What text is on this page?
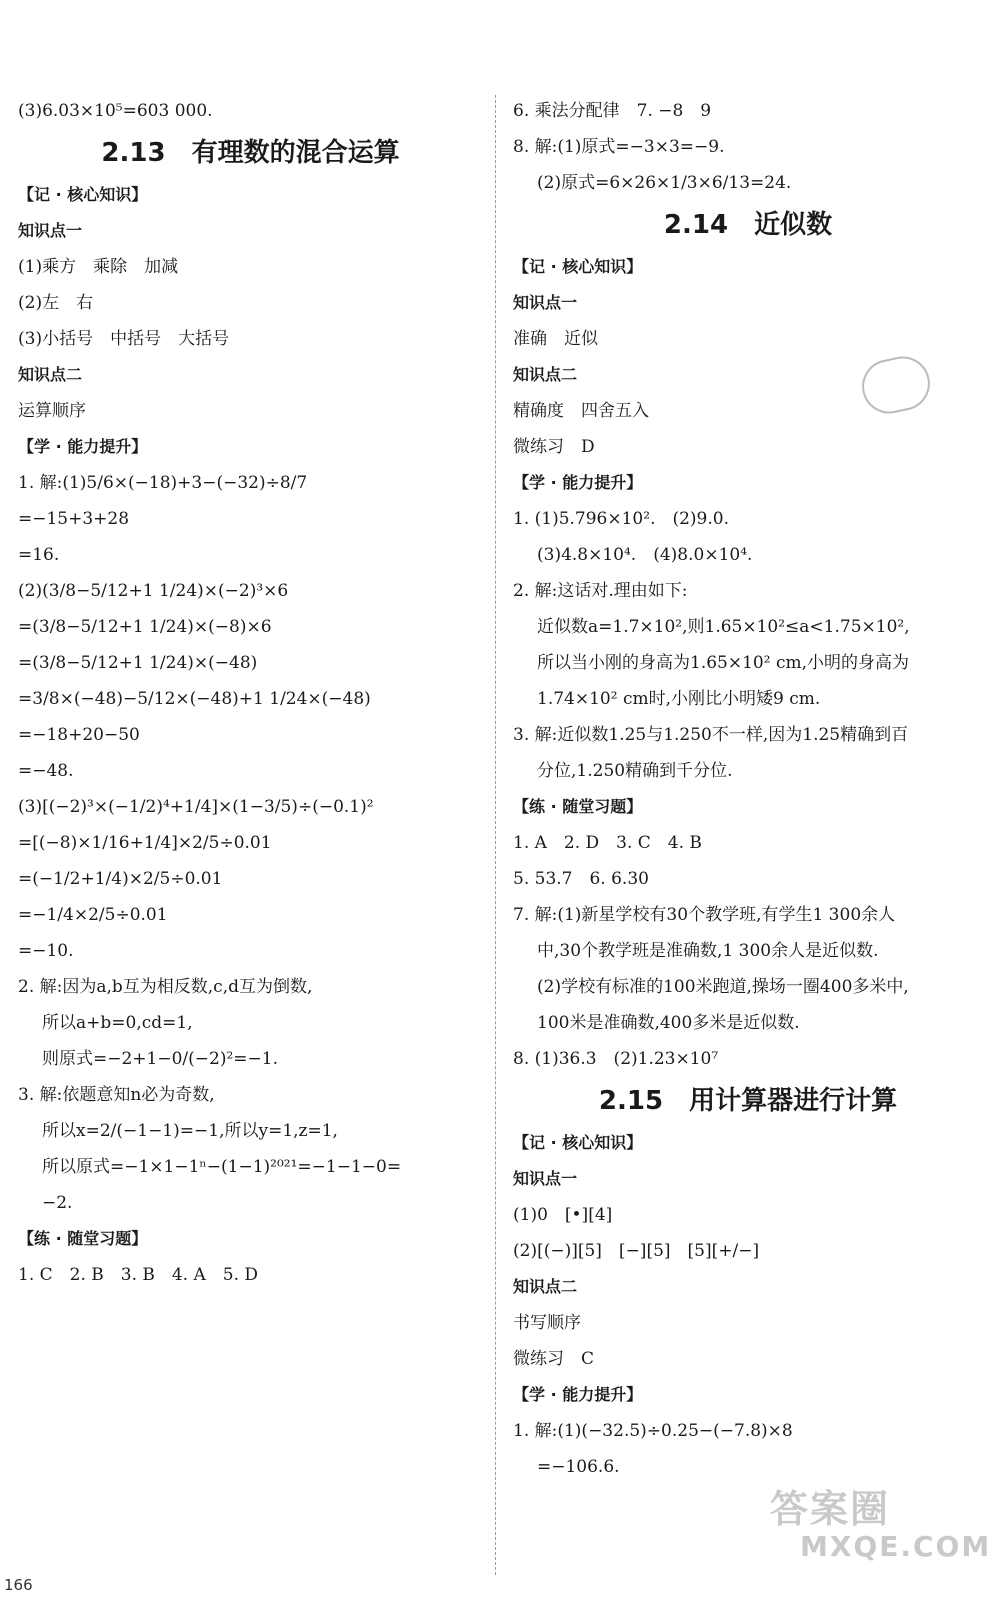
(3)6.03×10⁵=603 000.
2.13　有理数的混合运算
【记 · 核心知识】
知识点一
(1)乘方　乘除　加减
(2)左　右
(3)小括号　中括号　大括号
知识点二
运算顺序
【学 · 能力提升】
1. 解:(1)5/6×(−18)+3−(−32)÷8/7
=−15+3+28
=16.
(2)(3/8−5/12+1 1/24)×(−2)³×6
=(3/8−5/12+1 1/24)×(−8)×6
=(3/8−5/12+1 1/24)×(−48)
=3/8×(−48)−5/12×(−48)+1 1/24×(−48)
=−18+20−50
=−48.
(3)[(−2)³×(−1/2)⁴+1/4]×(1−3/5)÷(−0.1)²
=[(−8)×1/16+1/4]×2/5÷0.01
=(−1/2+1/4)×2/5÷0.01
=−1/4×2/5÷0.01
=−10.
2. 解:因为a,b互为相反数,c,d互为倒数,
所以a+b=0,cd=1,
则原式=−2+1−0/(−2)²=−1.
3. 解:依题意知n必为奇数,
所以x=2/(−1−1)=−1,所以y=1,z=1,
所以原式=−1×1−1ⁿ−(1−1)²⁰²¹=−1−1−0=
−2.
【练 · 随堂习题】
1. C　2. B　3. B　4. A　5. D
6. 乘法分配律　7. −8　9
8. 解:(1)原式=−3×3=−9.
(2)原式=6×26×1/3×6/13=24.
2.14　近似数
【记 · 核心知识】
知识点一
准确　近似
知识点二
精确度　四舍五入
微练习　D
【学 · 能力提升】
1. (1)5.796×10².　(2)9.0.
(3)4.8×10⁴.　(4)8.0×10⁴.
2. 解:这话对.理由如下:
近似数a=1.7×10²,则1.65×10²≤a<1.75×10²,
所以当小刚的身高为1.65×10² cm,小明的身高为
1.74×10² cm时,小刚比小明矮9 cm.
3. 解:近似数1.25与1.250不一样,因为1.25精确到百
分位,1.250精确到千分位.
【练 · 随堂习题】
1. A　2. D　3. C　4. B
5. 53.7　6. 6.30
7. 解:(1)新星学校有30个教学班,有学生1 300余人
中,30个教学班是准确数,1 300余人是近似数.
(2)学校有标准的100米跑道,操场一圈400多米中,
100米是准确数,400多米是近似数.
8. (1)36.3　(2)1.23×10⁷
2.15　用计算器进行计算
【记 · 核心知识】
知识点一
(1)0　[•][4]
(2)[(−)][5]　[−][5]　[5][+/−]
知识点二
书写顺序
微练习　C
【学 · 能力提升】
1. 解:(1)(−32.5)÷0.25−(−7.8)×8
=−106.6.
答案圈
MXQE.COM
166
